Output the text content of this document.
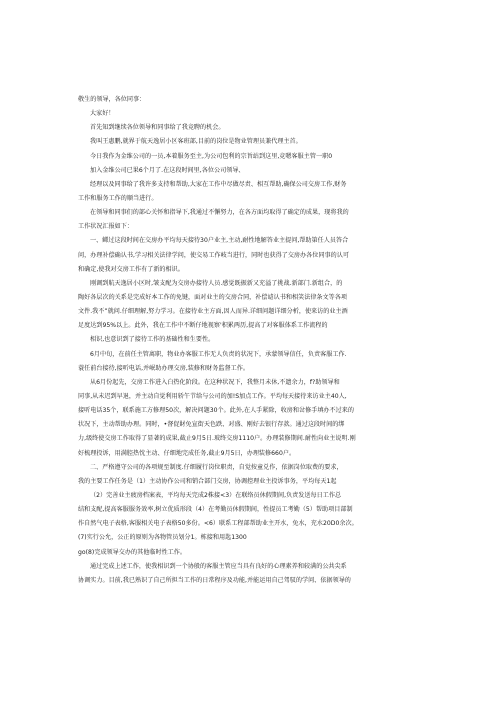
敬生的领导，各位同事：
大家好！
首先知到继续各位领导和同事给了我竞聘的机会。
我叫王惠鹏,就界于航天逸居小区客班部,目前的岗位是物业管理员兼代理主首。
今日我作为金维公司的一员,本着服务至主,为公司包利的宗旨站到这里,竞嗯客服主管一职0
加入金维公司已果6个月了.在这段时间里,各位公司领导、
经理以及同事给了我许多支持和帮助,大家在工作中尽做尽责、相互帮助,确保公司交房工作,财务
工作和服务工作的顺当进行。
在领导和同事们的部心关怀和指导下,我通过不懈努力，在各方面均取得了确定的成果，现将我的
工作状况汇报如下：
一、鳏过这段时间在交房办平均每天接待30户业主,主动,耐性地解答业主提问,帮助第任人员答合
问，办理补偿确认书,学习相关法律学问，使交易工作岐当进行，同时也获得了交房办各位同事的认可
和确定,使我对交房工作有了新的相识。
刚调到航天逸居小区时,皱支配为交房办接待人员.感觉既振新又充溢了挑战.新部门.新组合，的
陶好各层次的关系是完成好本工作的免键，面对业主的交房合同，补偿谑认书和相笑法律条文等各项
文件.我不”就问.仔细理解,努力学习。在接待业主方面,因人而异.详细问题详细分析，使来访的业主酒
足度达到95%以上。此外，我在工作中不断仔地视察'积累两历,提高了对客服体系工作流程的
相识,也意识到了接待工作的基础性和生要性。
6月中旬，在前任主管离职，物业办客服工作无人负责的状况下，承蒙领导信任，负责客服工作.
蓑任前台接待,接听电话,并岷助办理交房,装修和财务监督工作。
从6月份起先，交房工作进入白热化阶段。在这种状况下，我整月未休,不遗余力，f?助领导和
同事,从未迟到早退，并主动自觉利用轿午节给与公司的加!S加点工作。平均每天接待来访业主40人,
接听电话35个，联系施工方修理50次，解决问题30个。此外,在人手紧除，收房和岔修手填办不过来的
状况下，主动帮助办理。同时，•督促財免宣街天色跌、对盛、刚好去银行存款。通过这段时间的绑
力,级终使交房工作取得了显著的成果,截止9月5日.玻终交房1110户。办理装修期间.耐性向业主说明.刚
好梳理投诉，用满腔热忱主动、仔细地完成任务,截止9月5日，办理装修660户。
二、严格遵守公司的各项规至制度.仔细履行岗位职责，自觉按童兑作，依据岗位取费的要求，
我的主要工作任务是（1）主动协作公司和销合部门交房，协调控理业主投诉事务，平均每天1起
（2）完善业主疲房档案表，平均每天完成2株接<3）在联络员休假期间,负责发送每日工作总
结和支配,提高客服服务效率,树立优质形段（4）在考勤员休假期间，性提员工考勤（5）帮助项目部制
作自然气电子表格,客服相关电子表格50多份。<6）联系工程部帮助业主开水，免水，充水20D0余次。
(7)实行公允，公正的原则为各物管员划分1。栋接和用匙1300
go(8)完成领导交办的其他临时性工作。
通过完成上述工作，使我相识到一个协般的客服主管应当具有良好的心理素养和较满的公共尖系
协调实力。目前,我已熟识了自己所担当工作的日常程序及功能,并能运用自己驾驭的学问、依据领导的
